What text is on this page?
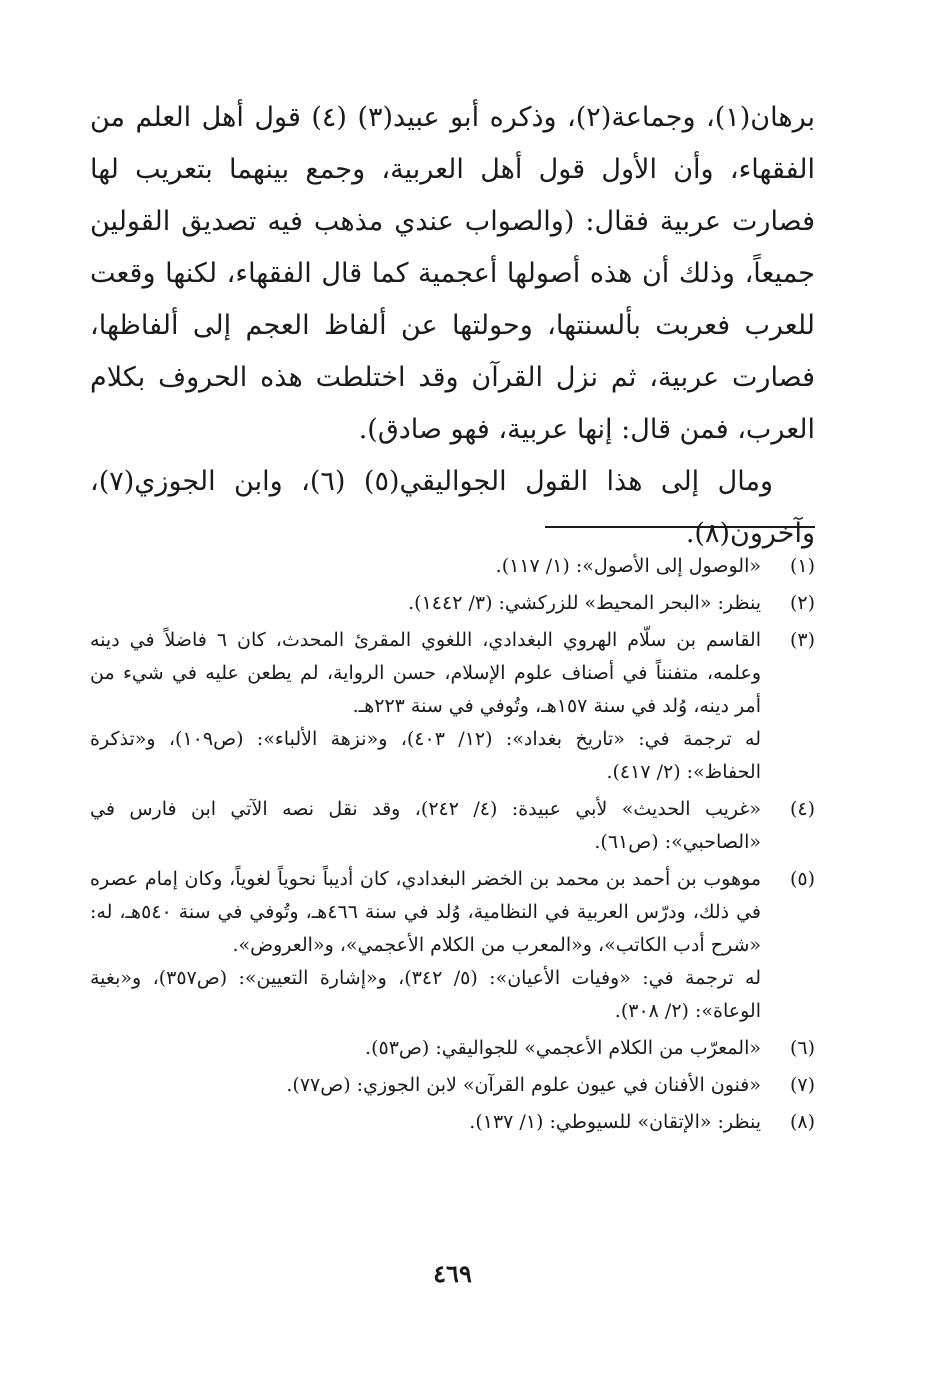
برهان(١)، وجماعة(٢)، وذكره أبو عبيد(٣) (٤) قول أهل العلم من الفقهاء، وأن الأول قول أهل العربية، وجمع بينهما بتعريب لها فصارت عربية فقال: (والصواب عندي مذهب فيه تصديق القولين جميعاً، وذلك أن هذه أصولها أعجمية كما قال الفقهاء، لكنها وقعت للعرب فعربت بألسنتها، وحولتها عن ألفاظ العجم إلى ألفاظها، فصارت عربية، ثم نزل القرآن وقد اختلطت هذه الحروف بكلام العرب، فمن قال: إنها عربية، فهو صادق).

ومال إلى هذا القول الجواليقي(٥) (٦)، وابن الجوزي(٧)، وآخرون(٨).

(١)

«الوصول إلى الأصول»: (١/ ١١٧).

(٢)

ينظر: «البحر المحيط» للزركشي: (٣/ ١٤٤٢).

(٣)

القاسم بن سلّام الهروي البغدادي، اللغوي المقرئ المحدث، كان ٦ فاضلاً في دينه وعلمه، متفنناً في أصناف علوم الإسلام، حسن الرواية، لم يطعن عليه في شيء من أمر دينه، وُلد في سنة ١٥٧هـ، وتُوفي في سنة ٢٢٣هـ.

له ترجمة في: «تاريخ بغداد»: (١٢/ ٤٠٣)، و«نزهة الألباء»: (ص١٠٩)، و«تذكرة الحفاظ»: (٢/ ٤١٧).

(٤)

«غريب الحديث» لأبي عبيدة: (٤/ ٢٤٢)، وقد نقل نصه الآتي ابن فارس في «الصاحبي»: (ص٦١).

(٥)

موهوب بن أحمد بن محمد بن الخضر البغدادي، كان أديباً نحوياً لغوياً، وكان إمام عصره في ذلك، ودرّس العربية في النظامية، وُلد في سنة ٤٦٦هـ، وتُوفي في سنة ٥٤٠هـ، له: «شرح أدب الكاتب»، و«المعرب من الكلام الأعجمي»، و«العروض».

له ترجمة في: «وفيات الأعيان»: (٥/ ٣٤٢)، و«إشارة التعيين»: (ص٣٥٧)، و«بغية الوعاة»: (٢/ ٣٠٨).

(٦)

«المعرّب من الكلام الأعجمي» للجواليقي: (ص٥٣).

(٧)

«فنون الأفنان في عيون علوم القرآن» لابن الجوزي: (ص٧٧).

(٨)

ينظر: «الإتقان» للسيوطي: (١/ ١٣٧).

٤٦٩
